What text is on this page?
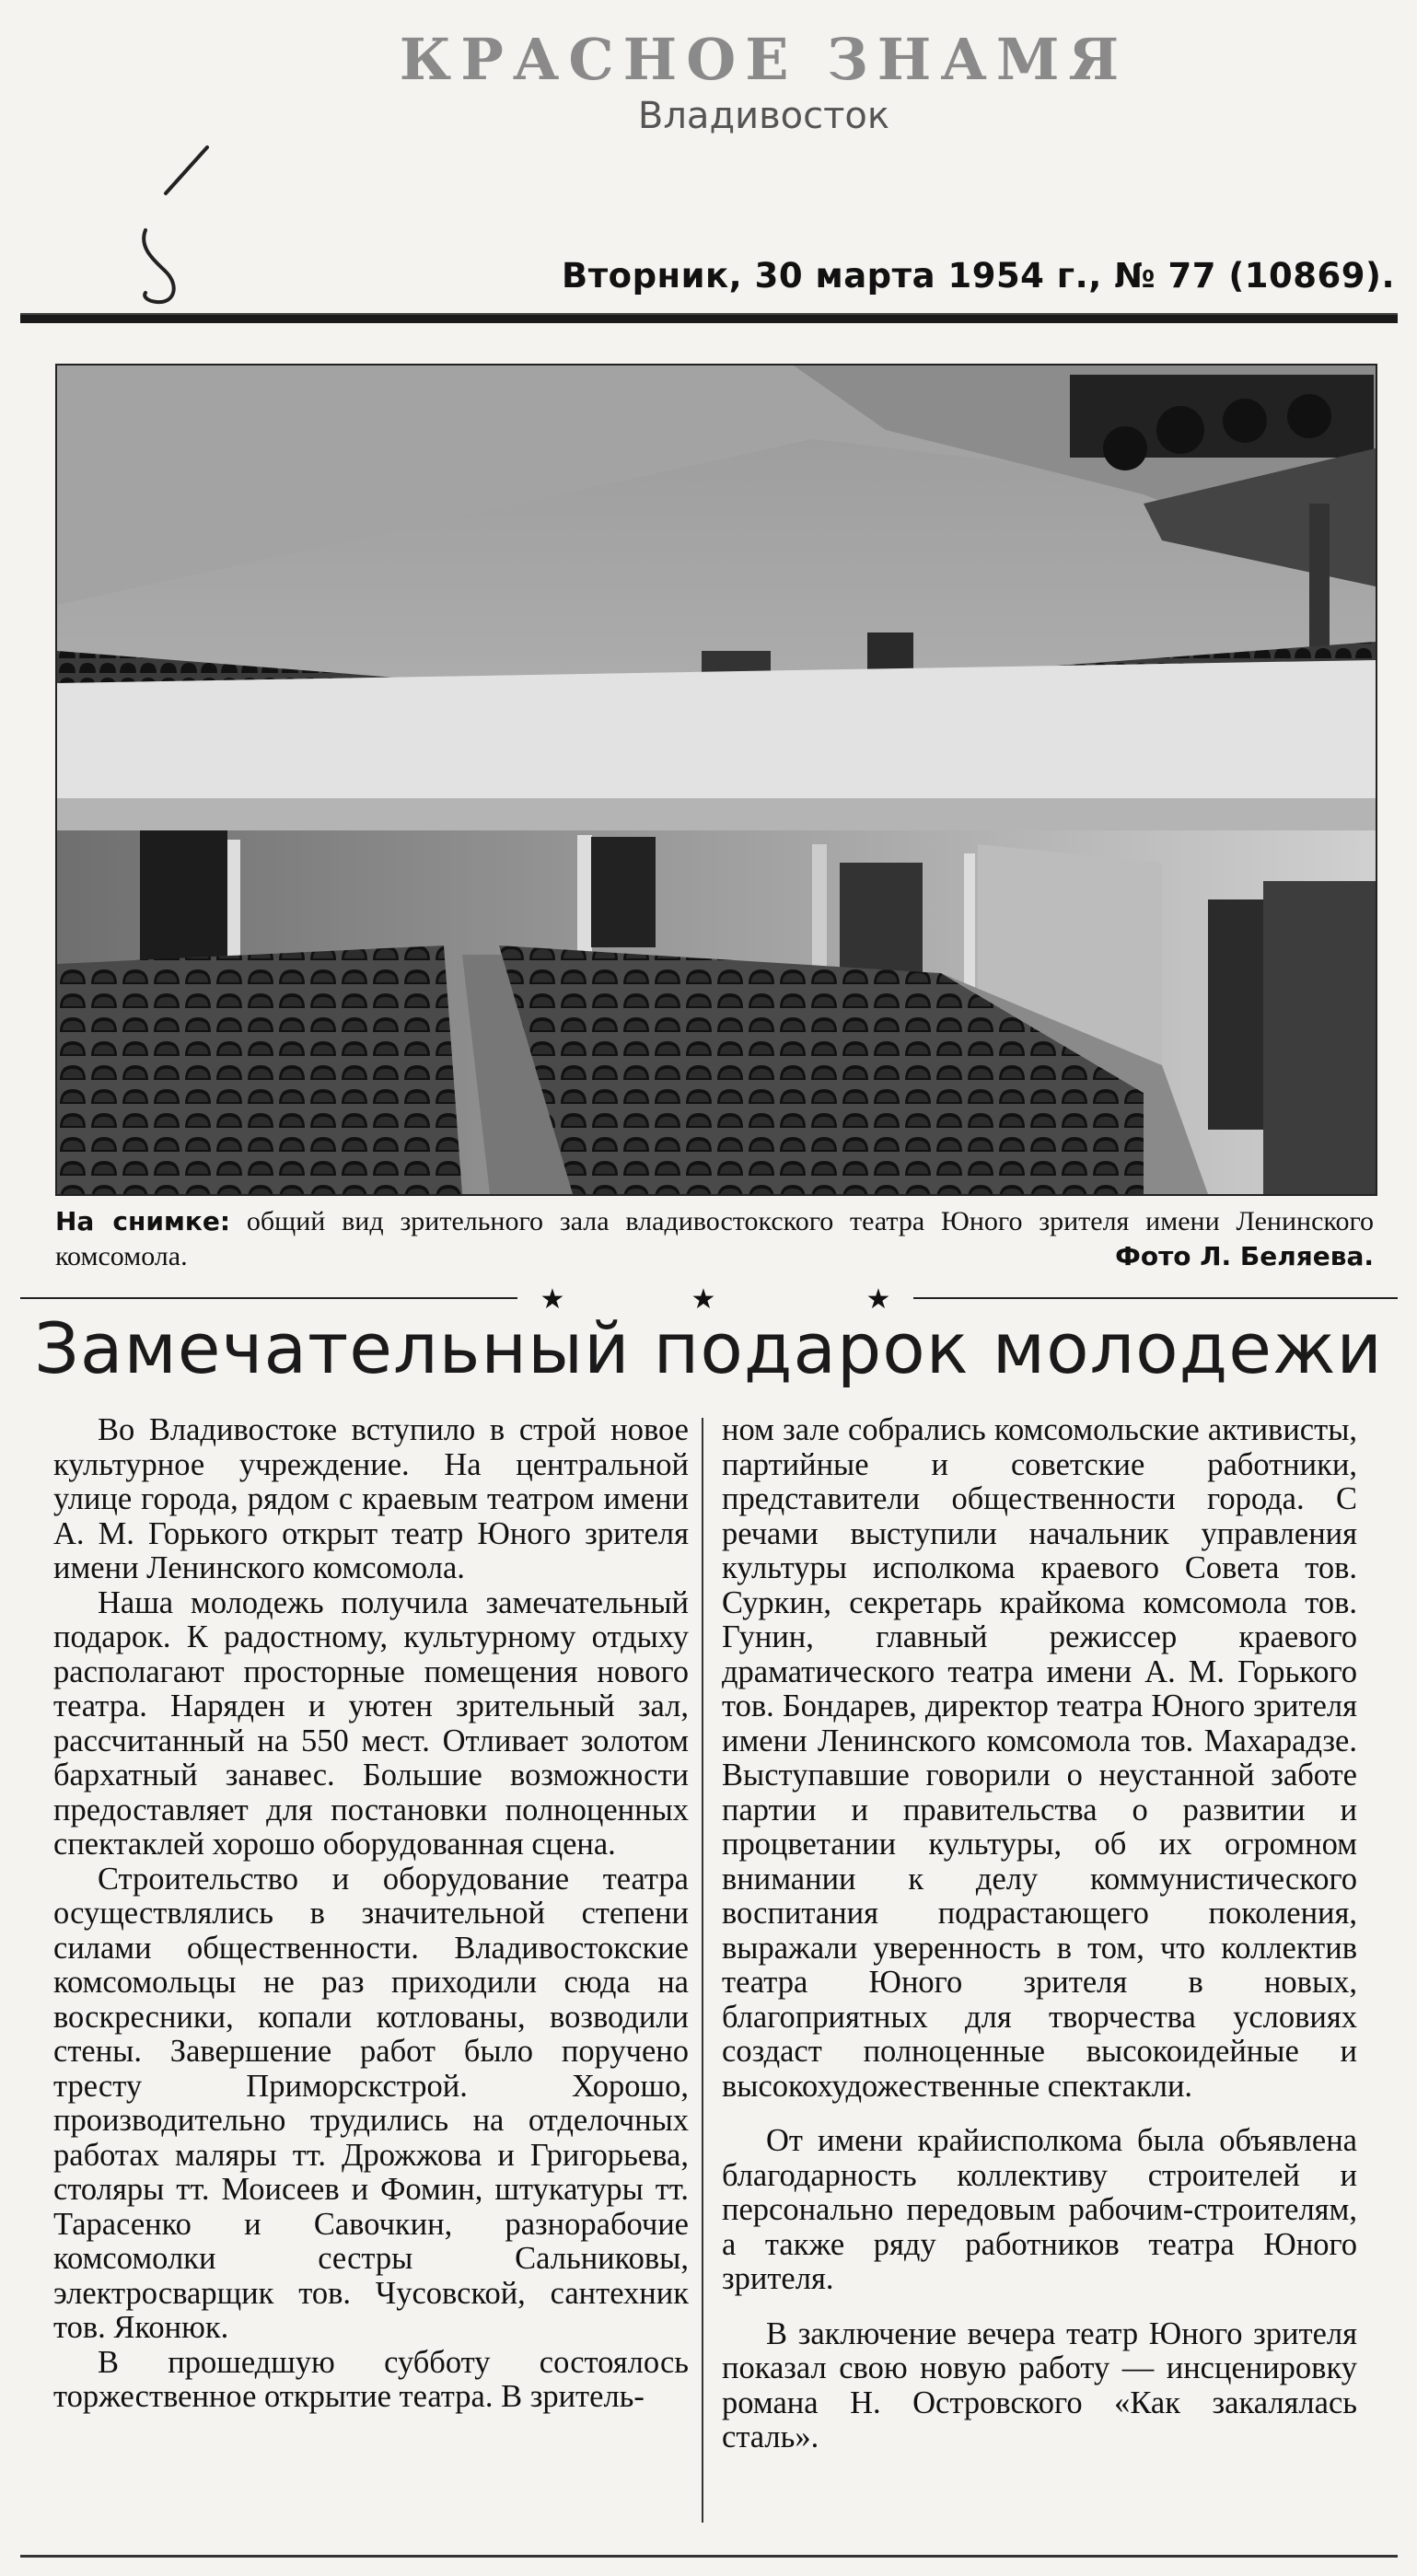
КРАСНОЕ ЗНАМЯ
Владивосток
Вторник, 30 марта 1954 г., № 77 (10869).
На снимке: общий вид зрительного зала владивостокского театра Юного зрителя имени Ленинского комсомола.	Фото Л. Беляева.
★	★	★
Замечательный подарок молодежи

Во Владивостоке вступило в строй новое культурное учреждение. На центральной улице города, рядом с краевым театром имени А. М. Горького открыт театр Юного зрителя имени Ленинского комсомола.

Наша молодежь получила замечательный подарок. К радостному, культурному отдыху располагают просторные помещения нового театра. Наряден и уютен зрительный зал, рассчитанный на 550 мест. Отливает золотом бархатный занавес. Большие возможности предоставляет для постановки полноценных спектаклей хорошо оборудованная сцена.

Строительство и оборудование театра осуществлялись в значительной степени силами общественности. Владивостокские комсомольцы не раз приходили сюда на воскресники, копали котлованы, возводили стены. Завершение работ было поручено тресту Приморскстрой. Хорошо, производительно трудились на отделочных работах маляры тт. Дрожжова и Григорьева, столяры тт. Моисеев и Фомин, штукатуры тт. Тарасенко и Савочкин, разнорабочие комсомолки сестры Сальниковы, электросварщик тов. Чусовской, сантехник тов. Яконюк.

В прошедшую субботу состоялось торжественное открытие театра. В зритель-

ном зале собрались комсомольские активисты, партийные и советские работники, представители общественности города. С речами выступили начальник управления культуры исполкома краевого Совета тов. Суркин, секретарь крайкома комсомола тов. Гунин, главный режиссер краевого драматического театра имени А. М. Горького тов. Бондарев, директор театра Юного зрителя имени Ленинского комсомола тов. Махарадзе. Выступавшие говорили о неустанной заботе партии и правительства о развитии и процветании культуры, об их огромном внимании к делу коммунистического воспитания подрастающего поколения, выражали уверенность в том, что коллектив театра Юного зрителя в новых, благоприятных для творчества условиях создаст полноценные высокоидейные и высокохудожественные спектакли.

От имени крайисполкома была объявлена благодарность коллективу строителей и персонально передовым рабочим-строителям, а также ряду работников театра Юного зрителя.

В заключение вечера театр Юного зрителя показал свою новую работу — инсценировку романа Н. Островского «Как закалялась сталь».
